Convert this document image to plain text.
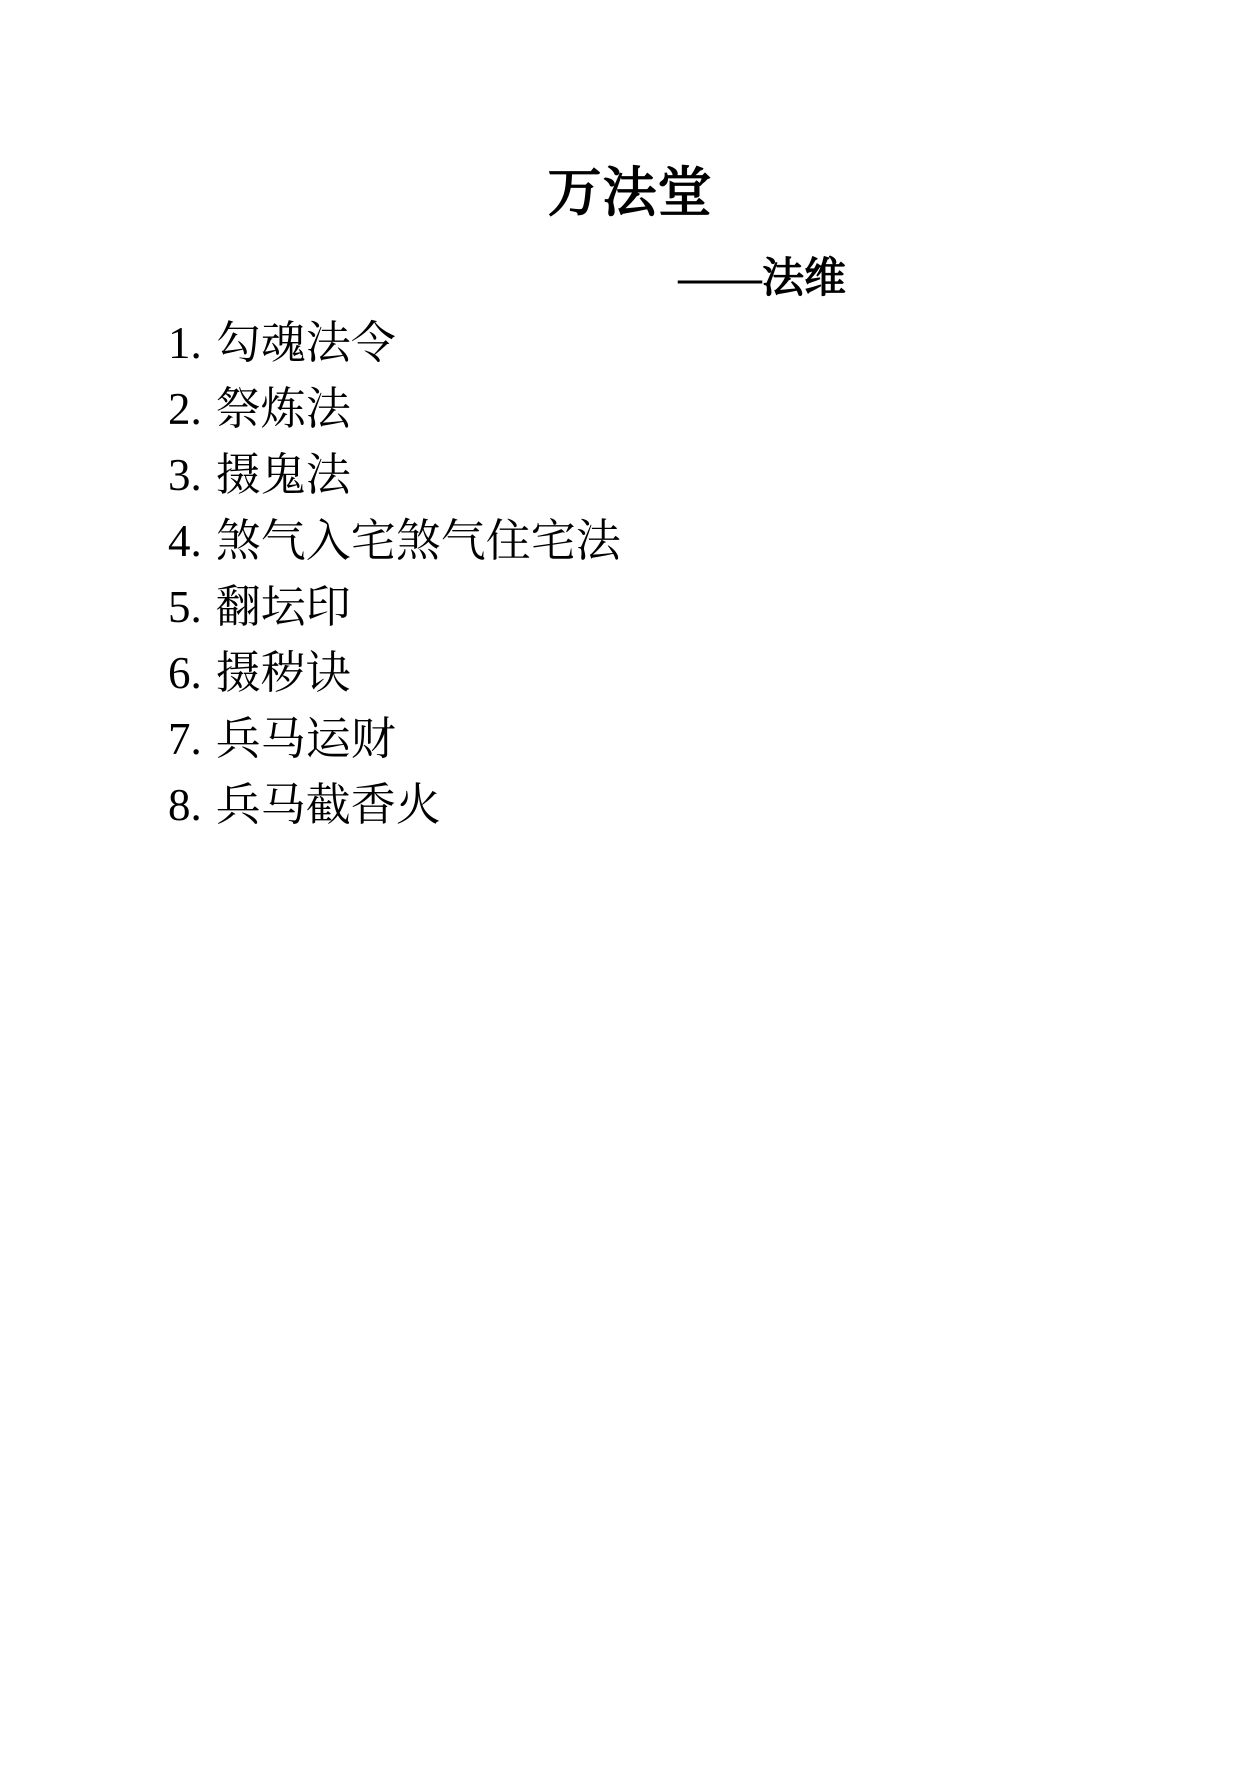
万法堂
——法维
1. 勾魂法令
2. 祭炼法
3. 摄鬼法
4. 煞气入宅煞气住宅法
5. 翻坛印
6. 摄秽诀
7. 兵马运财
8. 兵马截香火
